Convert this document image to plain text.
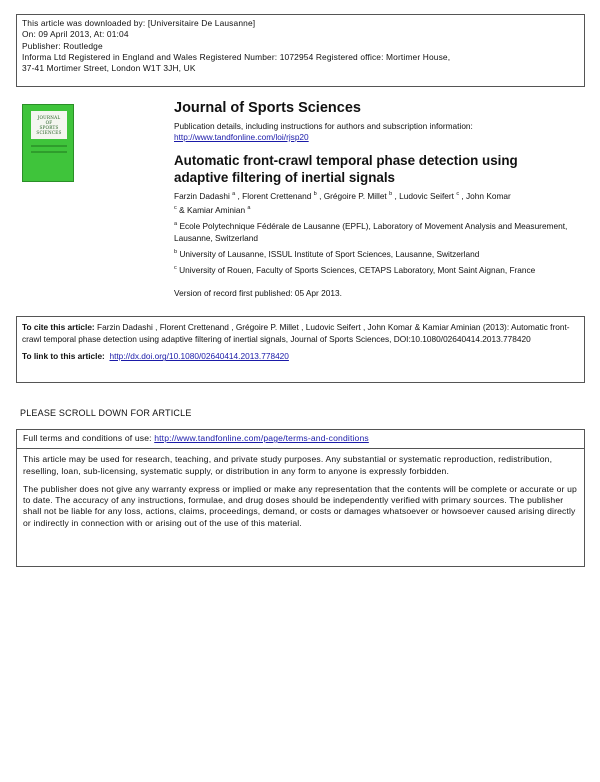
This article was downloaded by: [Universitaire De Lausanne]
On: 09 April 2013, At: 01:04
Publisher: Routledge
Informa Ltd Registered in England and Wales Registered Number: 1072954 Registered office: Mortimer House,
37-41 Mortimer Street, London W1T 3JH, UK
JOURNAL
OF
SPORTS
SCIENCES
Journal of Sports Sciences
Publication details, including instructions for authors and subscription information:
http://www.tandfonline.com/loi/rjsp20
Automatic front-crawl temporal phase detection using adaptive filtering of inertial signals
Farzin Dadashi $^a$ , Florent Crettenand $^b$ , Grégoire P. Millet $^b$ , Ludovic Seifert $^c$ , John Komar
$^c$ & Kamiar Aminian $^a$
$^a$ Ecole Polytechnique Fédérale de Lausanne (EPFL), Laboratory of Movement Analysis and Measurement, Lausanne, Switzerland
$^b$ University of Lausanne, ISSUL Institute of Sport Sciences, Lausanne, Switzerland
$^c$ University of Rouen, Faculty of Sports Sciences, CETAPS Laboratory, Mont Saint Aignan, France
Version of record first published: 05 Apr 2013.
To cite this article: Farzin Dadashi , Florent Crettenand , Grégoire P. Millet , Ludovic Seifert , John Komar & Kamiar Aminian (2013): Automatic front-crawl temporal phase detection using adaptive filtering of inertial signals, Journal of Sports Sciences, DOI:10.1080/02640414.2013.778420
To link to this article: http://dx.doi.org/10.1080/02640414.2013.778420
PLEASE SCROLL DOWN FOR ARTICLE
Full terms and conditions of use: http://www.tandfonline.com/page/terms-and-conditions

This article may be used for research, teaching, and private study purposes. Any substantial or systematic reproduction, redistribution, reselling, loan, sub-licensing, systematic supply, or distribution in any form to anyone is expressly forbidden.

The publisher does not give any warranty express or implied or make any representation that the contents will be complete or accurate or up to date. The accuracy of any instructions, formulae, and drug doses should be independently verified with primary sources. The publisher shall not be liable for any loss, actions, claims, proceedings, demand, or costs or damages whatsoever or howsoever caused arising directly or indirectly in connection with or arising out of the use of this material.
